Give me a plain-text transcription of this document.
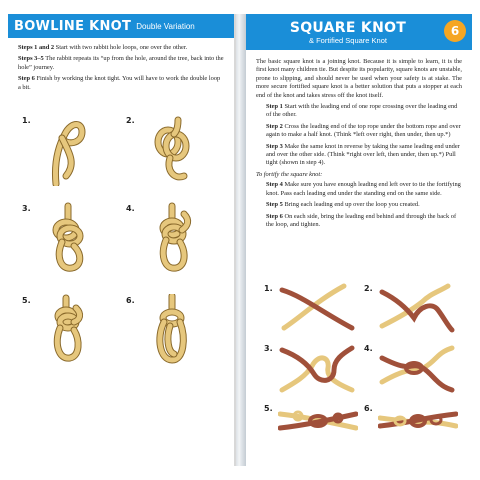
BOWLINE KNOT Double Variation

Steps 1 and 2 Start with two rabbit hole loops, one over the other.

Steps 3–5 The rabbit repeats its “up from the hole, around the tree, back into the hole” journey.

Step 6 Finish by working the knot tight. You will have to work the double loop a bit.

1.	2.
3.	4.
5.	6.
SQUARE KNOT
& Fortified Square Knot
6

The basic square knot is a joining knot. Because it is simple to learn, it is the first knot many children tie. But despite its popularity, square knots are unstable, prone to slipping, and should never be used when your safety is at stake. The more secure fortified square knot is a better solution that puts a stopper at each end of the knot and takes stress off the knot itself.

Step 1 Start with the leading end of one rope crossing over the leading end of the other.

Step 2 Cross the leading end of the top rope under the bottom rope and over again to make a half knot. (Think *left over right, then under, then up.*)

Step 3 Make the same knot in reverse by taking the same leading end under and over the other side. (Think *right over left, then under, then up.*) Pull tight (shown in step 4).

To fortify the square knot:

Step 4 Make sure you have enough leading end left over to tie the fortifying knot. Pass each leading end under the standing end on the same side.

Step 5 Bring each leading end up over the loop you created.

Step 6 On each side, bring the leading end behind and through the back of the loop, and tighten.

1.	2.
3.	4.
5.	6.
